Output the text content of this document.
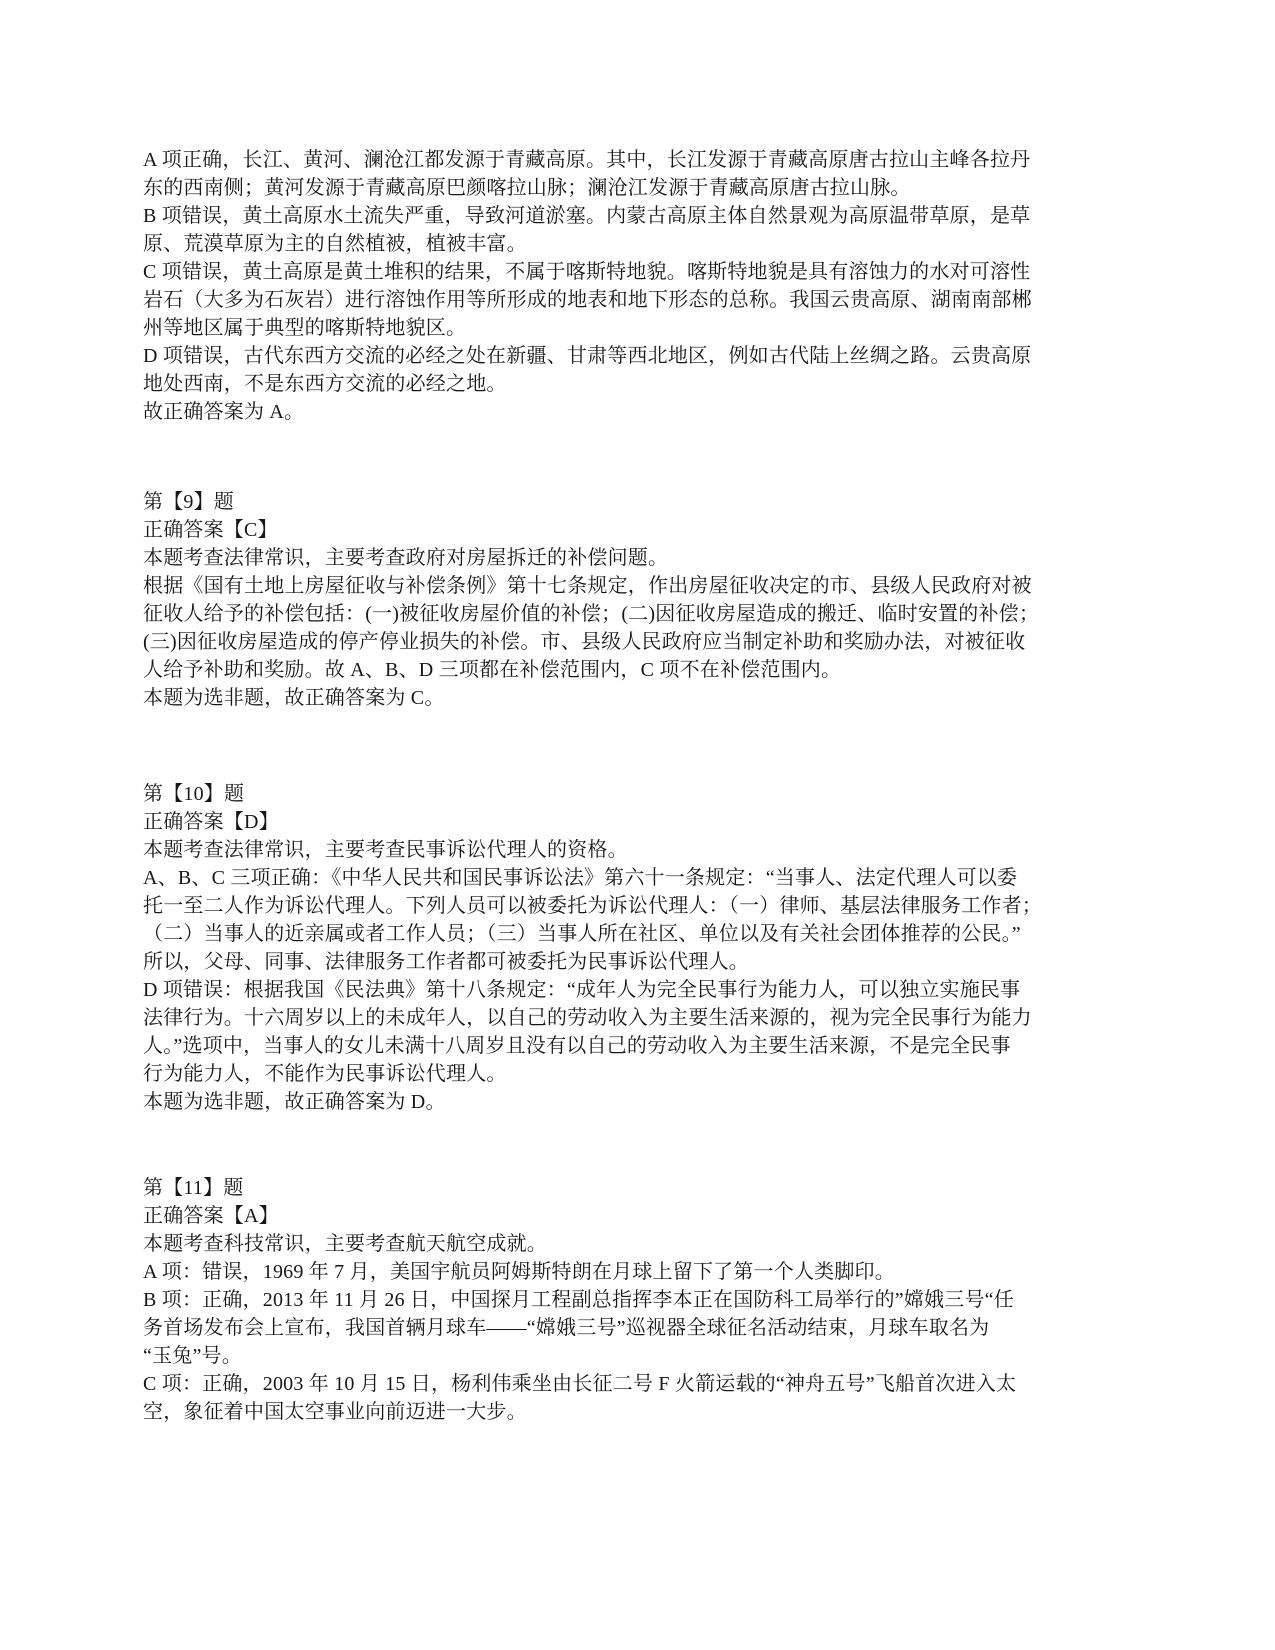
A 项正确，长江、黄河、澜沧江都发源于青藏高原。其中，长江发源于青藏高原唐古拉山主峰各拉丹
东的西南侧；黄河发源于青藏高原巴颜喀拉山脉；澜沧江发源于青藏高原唐古拉山脉。
B 项错误，黄土高原水土流失严重，导致河道淤塞。内蒙古高原主体自然景观为高原温带草原，是草
原、荒漠草原为主的自然植被，植被丰富。
C 项错误，黄土高原是黄土堆积的结果，不属于喀斯特地貌。喀斯特地貌是具有溶蚀力的水对可溶性
岩石（大多为石灰岩）进行溶蚀作用等所形成的地表和地下形态的总称。我国云贵高原、湖南南部郴
州等地区属于典型的喀斯特地貌区。
D 项错误，古代东西方交流的必经之处在新疆、甘肃等西北地区，例如古代陆上丝绸之路。云贵高原
地处西南，不是东西方交流的必经之地。
故正确答案为 A。
第【9】题
正确答案【C】
本题考查法律常识，主要考查政府对房屋拆迁的补偿问题。
根据《国有土地上房屋征收与补偿条例》第十七条规定，作出房屋征收决定的市、县级人民政府对被
征收人给予的补偿包括：(一)被征收房屋价值的补偿；(二)因征收房屋造成的搬迁、临时安置的补偿；
(三)因征收房屋造成的停产停业损失的补偿。市、县级人民政府应当制定补助和奖励办法，对被征收
人给予补助和奖励。故 A、B、D 三项都在补偿范围内，C 项不在补偿范围内。
本题为选非题，故正确答案为 C。
第【10】题
正确答案【D】
本题考查法律常识，主要考查民事诉讼代理人的资格。
A、B、C 三项正确：《中华人民共和国民事诉讼法》第六十一条规定：“当事人、法定代理人可以委
托一至二人作为诉讼代理人。下列人员可以被委托为诉讼代理人：（一）律师、基层法律服务工作者；
（二）当事人的近亲属或者工作人员；（三）当事人所在社区、单位以及有关社会团体推荐的公民。”
所以，父母、同事、法律服务工作者都可被委托为民事诉讼代理人。
D 项错误：根据我国《民法典》第十八条规定：“成年人为完全民事行为能力人，可以独立实施民事
法律行为。十六周岁以上的未成年人，以自己的劳动收入为主要生活来源的，视为完全民事行为能力
人。”选项中，当事人的女儿未满十八周岁且没有以自己的劳动收入为主要生活来源，不是完全民事
行为能力人，不能作为民事诉讼代理人。
本题为选非题，故正确答案为 D。
第【11】题
正确答案【A】
本题考查科技常识，主要考查航天航空成就。
A 项：错误，1969 年 7 月，美国宇航员阿姆斯特朗在月球上留下了第一个人类脚印。
B 项：正确，2013 年 11 月 26 日，中国探月工程副总指挥李本正在国防科工局举行的”嫦娥三号“任
务首场发布会上宣布，我国首辆月球车——“嫦娥三号”巡视器全球征名活动结束，月球车取名为
“玉兔”号。
C 项：正确，2003 年 10 月 15 日，杨利伟乘坐由长征二号 F 火箭运载的“神舟五号”飞船首次进入太
空，象征着中国太空事业向前迈进一大步。
